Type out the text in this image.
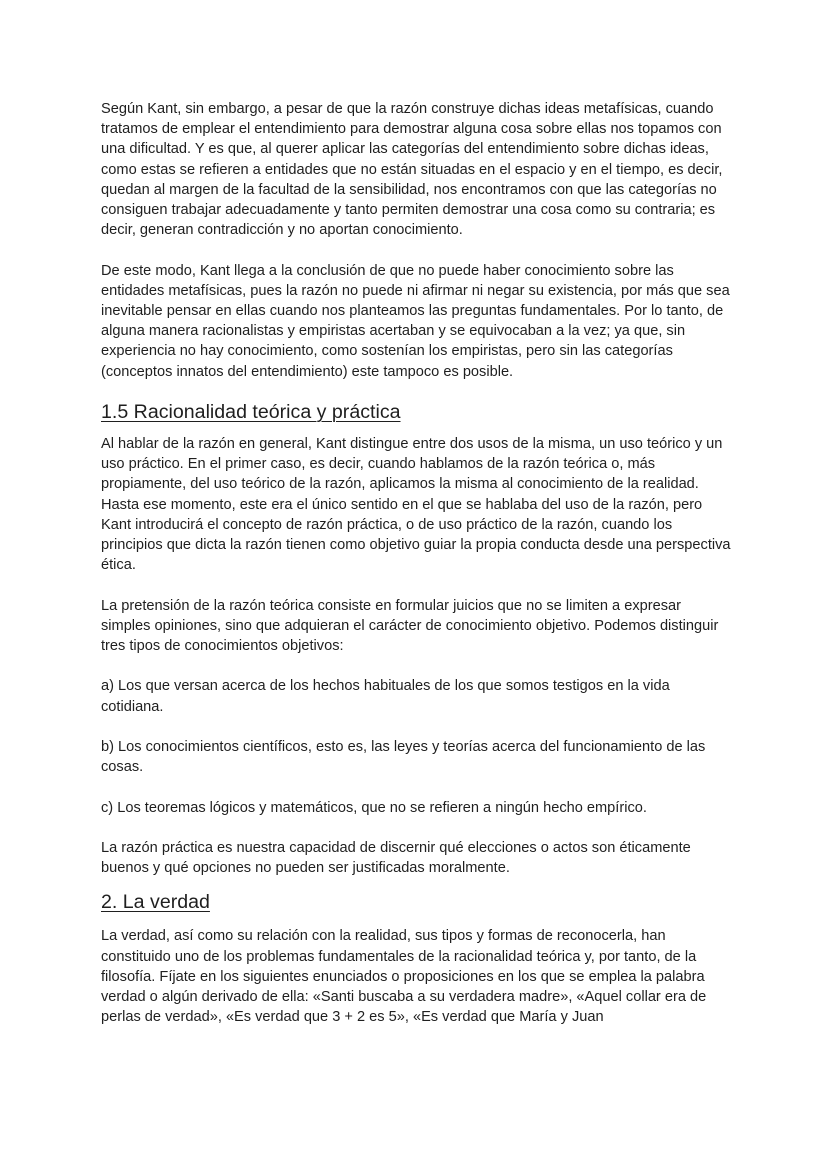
Según Kant, sin embargo, a pesar de que la razón construye dichas ideas metafísicas, cuando tratamos de emplear el entendimiento para demostrar alguna cosa sobre ellas nos topamos con una dificultad. Y es que, al querer aplicar las categorías del entendimiento sobre dichas ideas, como estas se refieren a entidades que no están situadas en el espacio y en el tiempo, es decir, quedan al margen de la facultad de la sensibilidad, nos encontramos con que las categorías no consiguen trabajar adecuadamente y tanto permiten demostrar una cosa como su contraria; es decir, generan contradicción y no aportan conocimiento.

De este modo, Kant llega a la conclusión de que no puede haber conocimiento sobre las entidades metafísicas, pues la razón no puede ni afirmar ni negar su existencia, por más que sea inevitable pensar en ellas cuando nos planteamos las preguntas fundamentales. Por lo tanto, de alguna manera racionalistas y empiristas acertaban y se equivocaban a la vez; ya que, sin experiencia no hay conocimiento, como sostenían los empiristas, pero sin las categorías (conceptos innatos del entendimiento) este tampoco es posible.

1.5 Racionalidad teórica y práctica

Al hablar de la razón en general, Kant distingue entre dos usos de la misma, un uso teórico y un uso práctico. En el primer caso, es decir, cuando hablamos de la razón teórica o, más propiamente, del uso teórico de la razón, aplicamos la misma al conocimiento de la realidad. Hasta ese momento, este era el único sentido en el que se hablaba del uso de la razón, pero Kant introducirá el concepto de razón práctica, o de uso práctico de la razón, cuando los principios que dicta la razón tienen como objetivo guiar la propia conducta desde una perspectiva ética.

La pretensión de la razón teórica consiste en formular juicios que no se limiten a expresar simples opiniones, sino que adquieran el carácter de conocimiento objetivo. Podemos distinguir tres tipos de conocimientos objetivos:

a) Los que versan acerca de los hechos habituales de los que somos testigos en la vida cotidiana.

b) Los conocimientos científicos, esto es, las leyes y teorías acerca del funcionamiento de las cosas.

c) Los teoremas lógicos y matemáticos, que no se refieren a ningún hecho empírico.

La razón práctica es nuestra capacidad de discernir qué elecciones o actos son éticamente buenos y qué opciones no pueden ser justificadas moralmente.

2. La verdad

La verdad, así como su relación con la realidad, sus tipos y formas de reconocerla, han constituido uno de los problemas fundamentales de la racionalidad teórica y, por tanto, de la filosofía. Fíjate en los siguientes enunciados o proposiciones en los que se emplea la palabra verdad o algún derivado de ella: «Santi buscaba a su verdadera madre», «Aquel collar era de perlas de verdad», «Es verdad que 3 + 2 es 5», «Es verdad que María y Juan
